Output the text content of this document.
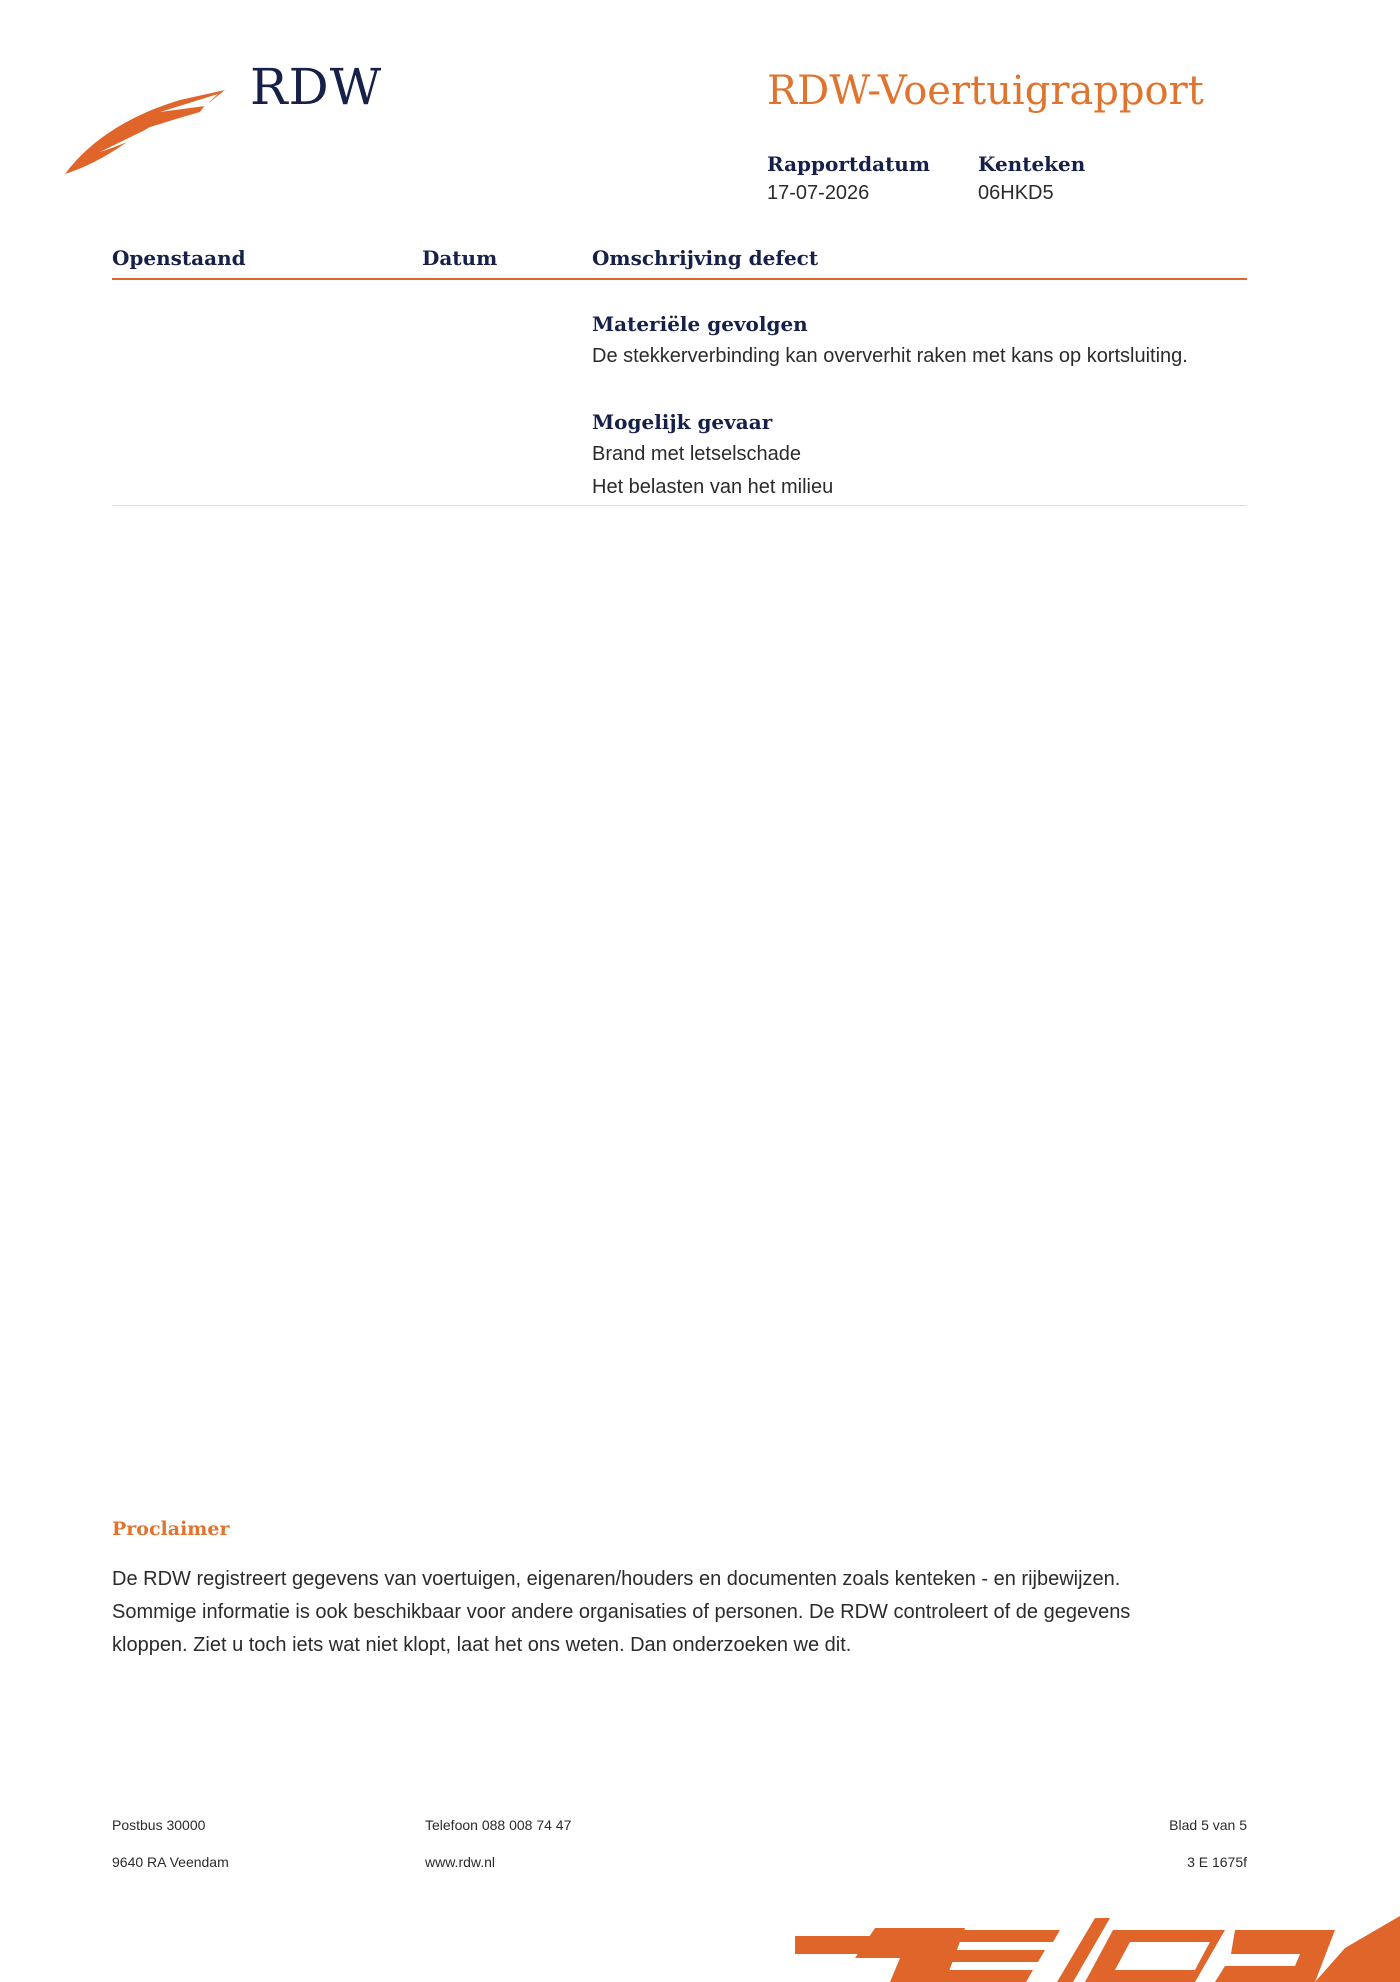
RDW	RDW-Voertuigrapport
Rapportdatum
17-07-2026
Kenteken
06HKD5
Openstaand	Datum	Omschrijving defect
Materiële gevolgen
De stekkerverbinding kan oververhit raken met kans op kortsluiting.
Mogelijk gevaar
Brand met letselschade
Het belasten van het milieu
Proclaimer
De RDW registreert gegevens van voertuigen, eigenaren/houders en documenten zoals kenteken - en rijbewijzen.
Sommige informatie is ook beschikbaar voor andere organisaties of personen. De RDW controleert of de gegevens
kloppen. Ziet u toch iets wat niet klopt, laat het ons weten. Dan onderzoeken we dit.
Postbus 30000
9640 RA Veendam
Telefoon 088 008 74 47
www.rdw.nl
Blad 5 van 5
3 E 1675f
